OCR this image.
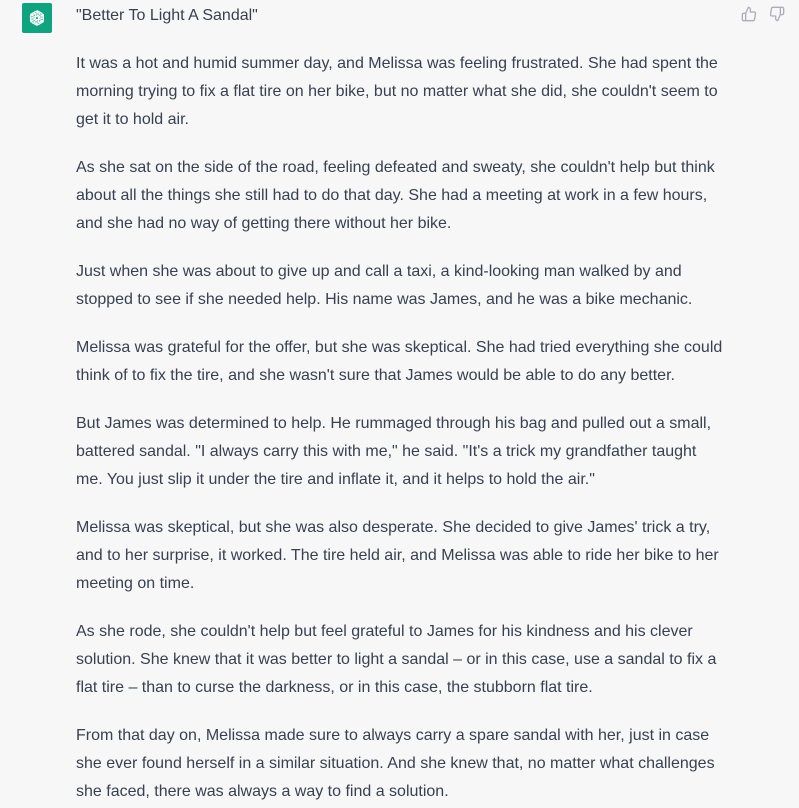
"Better To Light A Sandal"

It was a hot and humid summer day, and Melissa was feeling frustrated. She had spent the morning trying to fix a flat tire on her bike, but no matter what she did, she couldn't seem to get it to hold air.

As she sat on the side of the road, feeling defeated and sweaty, she couldn't help but think about all the things she still had to do that day. She had a meeting at work in a few hours, and she had no way of getting there without her bike.

Just when she was about to give up and call a taxi, a kind-looking man walked by and stopped to see if she needed help. His name was James, and he was a bike mechanic.

Melissa was grateful for the offer, but she was skeptical. She had tried everything she could think of to fix the tire, and she wasn't sure that James would be able to do any better.

But James was determined to help. He rummaged through his bag and pulled out a small, battered sandal. "I always carry this with me," he said. "It's a trick my grandfather taught me. You just slip it under the tire and inflate it, and it helps to hold the air."

Melissa was skeptical, but she was also desperate. She decided to give James' trick a try, and to her surprise, it worked. The tire held air, and Melissa was able to ride her bike to her meeting on time.

As she rode, she couldn't help but feel grateful to James for his kindness and his clever solution. She knew that it was better to light a sandal – or in this case, use a sandal to fix a flat tire – than to curse the darkness, or in this case, the stubborn flat tire.

From that day on, Melissa made sure to always carry a spare sandal with her, just in case she ever found herself in a similar situation. And she knew that, no matter what challenges she faced, there was always a way to find a solution.
